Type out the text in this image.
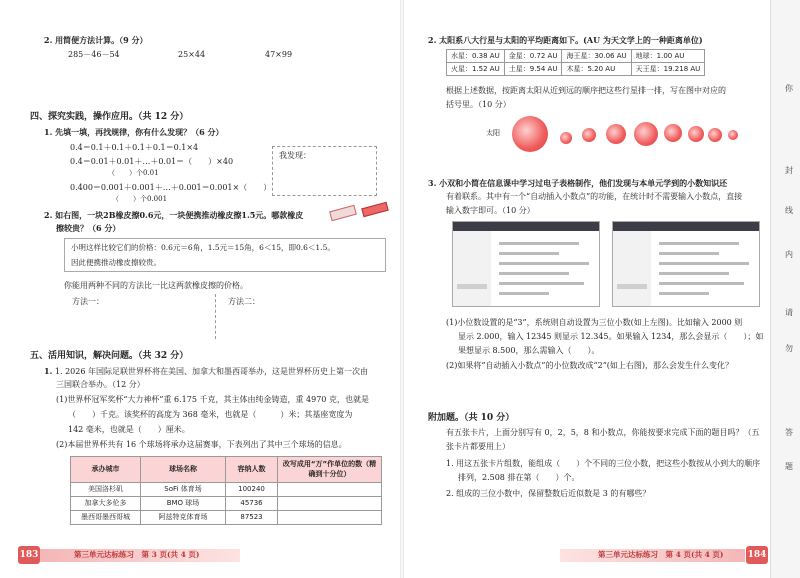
2. 用简便方法计算。（9 分）
285－46－54	25×44	47×99
四、探究实践，操作应用。（共 12 分）
1. 先填一填，再找规律，你有什么发现？（6 分）
0.4＝0.1＋0.1＋0.1＋0.1＝0.1×4
0.4＝0.01＋0.01＋…＋0.01＝（　　）×40
（　　）个0.01
0.400＝0.001＋0.001＋…＋0.001＝0.001×（　　）
（　　）个0.001
我发现：
2. 如右图，一块2B橡皮擦0.6元，一块便携推动橡皮擦1.5元。哪款橡皮
擦较贵？（6 分）
小明这样比较它们的价格：0.6元＝6角，1.5元＝15角，6＜15，即0.6＜1.5。
因此便携推动橡皮擦较贵。
你能用两种不同的方法比一比这两款橡皮擦的价格。
方法一：	方法二：
五、活用知识，解决问题。（共 32 分）
1. 1. 2026 年国际足联世界杯将在美国、加拿大和墨西哥举办，这是世界杯历史上第一次由
三国联合举办。（12 分）
(1)世界杯冠军奖杯“大力神杯”重 6.175 千克，其主体由纯金铸造，重 4970 克，也就是
（　　）千克。该奖杯的高度为 368 毫米，也就是（　　　）米；其基座宽度为
142 毫米，也就是（　　）厘米。
(2)本届世界杯共有 16 个球场将承办这届赛事，下表列出了其中三个球场的信息。
承办城市	球场名称	容纳人数	改写成用“万”作单位的数（精确到十分位）
美国洛杉矶	SoFi 体育场	100240	
加拿大多伦多	BMO 球场	45736	
墨西哥墨西哥城	阿兹特克体育场	87523	
183	第三单元达标练习　第 3 页(共 4 页)
2. 太阳系八大行星与太阳的平均距离如下。(AU 为天文学上的一种距离单位)
水星：0.38 AU	金星：0.72 AU	海王星：30.06 AU	地球：1.00 AU
火星：1.52 AU	土星：9.54 AU	木星：5.20 AU	天王星：19.218 AU
根据上述数据，按距离太阳从近到远的顺序把这些行星排一排，写在图中对应的
括号里。（10 分）
太阳
3. 小双和小简在信息课中学习过电子表格制作，他们发现与本单元学到的小数知识还
有着联系。其中有一个“自动插入小数点”的功能，在统计时不需要输入小数点，直接
输入数字即可。（10 分）
(1)小位数设置的是“3”，系统则自动设置为三位小数(如上左图)。比如输入 2000 则
显示 2.000，输入 12345 则显示 12.345。如果输入 1234，那么会显示（　　）；如
果想显示 8.500，那么需输入（　　）。
(2)如果将“自动插入小数点”的小位数改成“2”(如上右图)，那么会发生什么变化？
附加题。（共 10 分）
有五张卡片，上面分别写有 0，2，5，8 和小数点，你能按要求完成下面的题目吗？（五
张卡片都要用上）
1. 用这五张卡片组数，能组成（　　）个不同的三位小数，把这些小数按从小到大的顺序
排列，2.508 排在第（　　）个。
2. 组成的三位小数中，保留整数后近似数是 3 的有哪些？
第三单元达标练习　第 4 页(共 4 页)	184
你
封
线
内
请
勿
答
题
